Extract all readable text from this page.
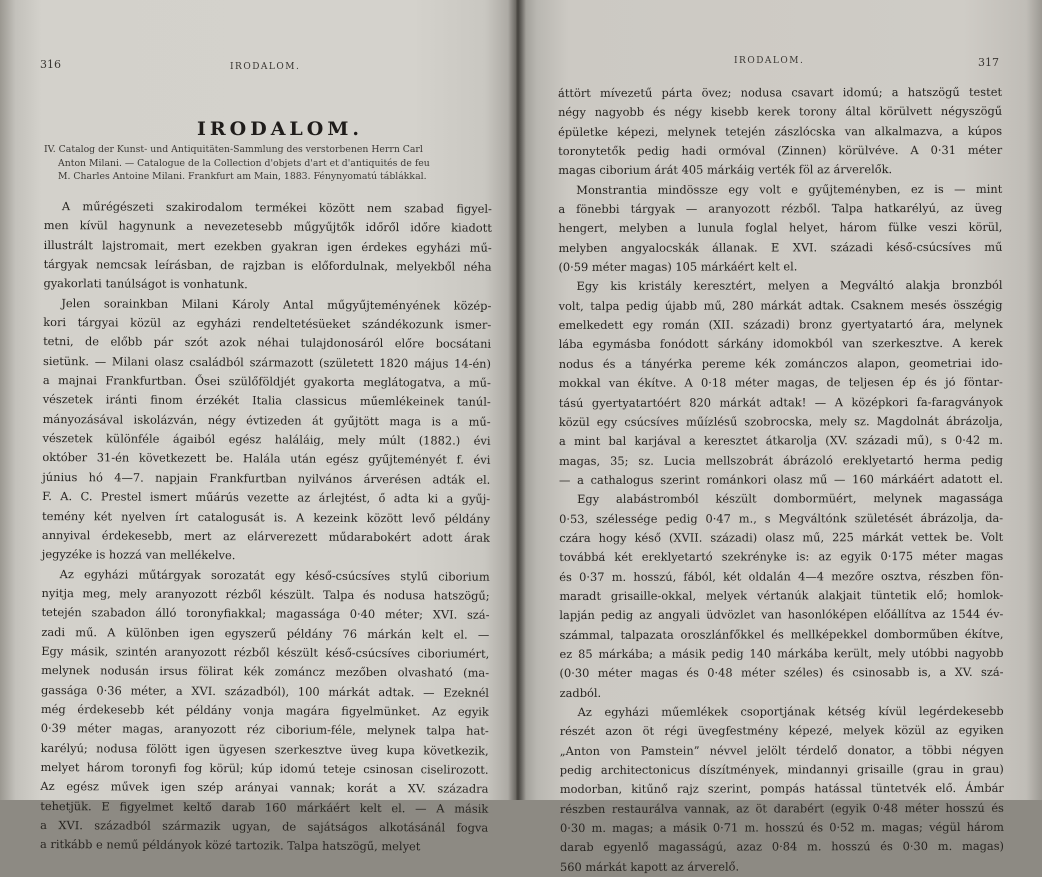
316	IRODALOM.
IRODALOM.
IV. Catalog der Kunst- und Antiquitäten-Sammlung des verstorbenen Herrn Carl
Anton Milani. — Catalogue de la Collection d'objets d'art et d'antiquités de feu
M. Charles Antoine Milani. Frankfurt am Main, 1883. Fénynyomatú táblákkal.
A műrégészeti szakirodalom termékei között nem szabad figyel-
men kívül hagynunk a nevezetesebb műgyűjtők időről időre kiadott
illustrált lajstromait, mert ezekben gyakran igen érdekes egyházi mű-
tárgyak nemcsak leírásban, de rajzban is előfordulnak, melyekből néha
gyakorlati tanúlságot is vonhatunk.
Jelen sorainkban Milani Károly Antal műgyűjteményének közép-
kori tárgyai közül az egyházi rendeltetésüeket szándékozunk ismer-
tetni, de előbb pár szót azok néhai tulajdonosáról előre bocsátani
sietünk. — Milani olasz családból származott (született 1820 május 14-én)
a majnai Frankfurtban. Ősei szülőföldjét gyakorta meglátogatva, a mű-
vészetek iránti finom érzékét Italia classicus műemlékeinek tanúl-
mányozásával iskolázván, négy évtizeden át gyűjtött maga is a mű-
vészetek különféle ágaiból egész haláláig, mely múlt (1882.) évi
október 31-én következett be. Halála után egész gyűjteményét f. évi
június hó 4—7. napjain Frankfurtban nyilvános árverésen adták el.
F. A. C. Prestel ismert műárús vezette az árlejtést, ő adta ki a gyűj-
temény két nyelven írt catalogusát is. A kezeink között levő példány
annyival érdekesebb, mert az elárverezett műdarabokért adott árak
jegyzéke is hozzá van mellékelve.
Az egyházi műtárgyak sorozatát egy késő-csúcsíves stylű ciborium
nyitja meg, mely aranyozott rézből készült. Talpa és nodusa hatszögű;
tetején szabadon álló toronyfiakkal; magassága 0·40 méter; XVI. szá-
zadi mű. A különben igen egyszerű példány 76 márkán kelt el. —
Egy másik, szintén aranyozott rézből készült késő-csúcsíves ciboriumért,
melynek nodusán irsus fölirat kék zománcz mezőben olvasható (ma-
gassága 0·36 méter, a XVI. századból), 100 márkát adtak. — Ezeknél
még érdekesebb két példány vonja magára figyelmünket. Az egyik
0·39 méter magas, aranyozott réz ciborium-féle, melynek talpa hat-
karélyú; nodusa fölött igen ügyesen szerkesztve üveg kupa következik,
melyet három toronyfi fog körül; kúp idomú teteje csinosan ciselirozott.
Az egész művek igen szép arányai vannak; korát a XV. századra
tehetjük. E figyelmet keltő darab 160 márkáért kelt el. — A másik
a XVI. századból származik ugyan, de sajátságos alkotásánál fogva
a ritkább e nemű példányok közé tartozik. Talpa hatszögű, melyet
IRODALOM.	317
áttört mívezetű párta övez; nodusa csavart idomú; a hatszögű testet
négy nagyobb és négy kisebb kerek torony által körülvett négyszögű
épületke képezi, melynek tetején zászlócska van alkalmazva, a kúpos
toronytetők pedig hadi ormóval (Zinnen) körülvéve. A 0·31 méter
magas ciborium árát 405 márkáig verték föl az árverelők.
Monstrantia mindössze egy volt e gyűjteményben, ez is — mint
a fönebbi tárgyak — aranyozott rézből. Talpa hatkarélyú, az üveg
hengert, melyben a lunula foglal helyet, három fülke veszi körül,
melyben angyalocskák állanak. E XVI. századi késő-csúcsíves mű
(0·59 méter magas) 105 márkáért kelt el.
Egy kis kristály keresztért, melyen a Megváltó alakja bronzból
volt, talpa pedig újabb mű, 280 márkát adtak. Csaknem mesés összégig
emelkedett egy román (XII. századi) bronz gyertyatartó ára, melynek
lába egymásba fonódott sárkány idomokból van szerkesztve. A kerek
nodus és a tányérka pereme kék zománczos alapon, geometriai ido-
mokkal van ékítve. A 0·18 méter magas, de teljesen ép és jó föntar-
tású gyertyatartóért 820 márkát adtak! — A középkori fa-faragványok
közül egy csúcsíves műízlésű szobrocska, mely sz. Magdolnát ábrázolja,
a mint bal karjával a keresztet átkarolja (XV. századi mű), s 0·42 m.
magas, 35; sz. Lucia mellszobrát ábrázoló ereklyetartó herma pedig
— a cathalogus szerint románkori olasz mű — 160 márkáért adatott el.
Egy alabástromból készült dombormüért, melynek magassága
0·53, szélessége pedig 0·47 m., s Megváltónk születését ábrázolja, da-
czára hogy késő (XVII. századi) olasz mű, 225 márkát vettek be. Volt
továbbá két ereklyetartó szekrényke is: az egyik 0·175 méter magas
és 0·37 m. hosszú, fából, két oldalán 4—4 mezőre osztva, részben fön-
maradt grisaille-okkal, melyek vértanúk alakjait tüntetik elő; homlok-
lapján pedig az angyali üdvözlet van hasonlóképen előállítva az 1544 év-
számmal, talpazata oroszlánfőkkel és mellképekkel domborműben ékítve,
ez 85 márkába; a másik pedig 140 márkába került, mely utóbbi nagyobb
(0·30 méter magas és 0·48 méter széles) és csinosabb is, a XV. szá-
zadból.
Az egyházi műemlékek csoportjának kétség kívül legérdekesebb
részét azon öt régi üvegfestmény képezé, melyek közül az egyiken
„Anton von Pamstein” névvel jelölt térdelő donator, a többi négyen
pedig architectonicus díszítmények, mindannyi grisaille (grau in grau)
modorban, kitűnő rajz szerint, pompás hatással tüntetvék elő. Ámbár
részben restaurálva vannak, az öt darabért (egyik 0·48 méter hosszú és
0·30 m. magas; a másik 0·71 m. hosszú és 0·52 m. magas; végül három
darab egyenlő magasságú, azaz 0·84 m. hosszú és 0·30 m. magas)
560 márkát kapott az árverelő.
